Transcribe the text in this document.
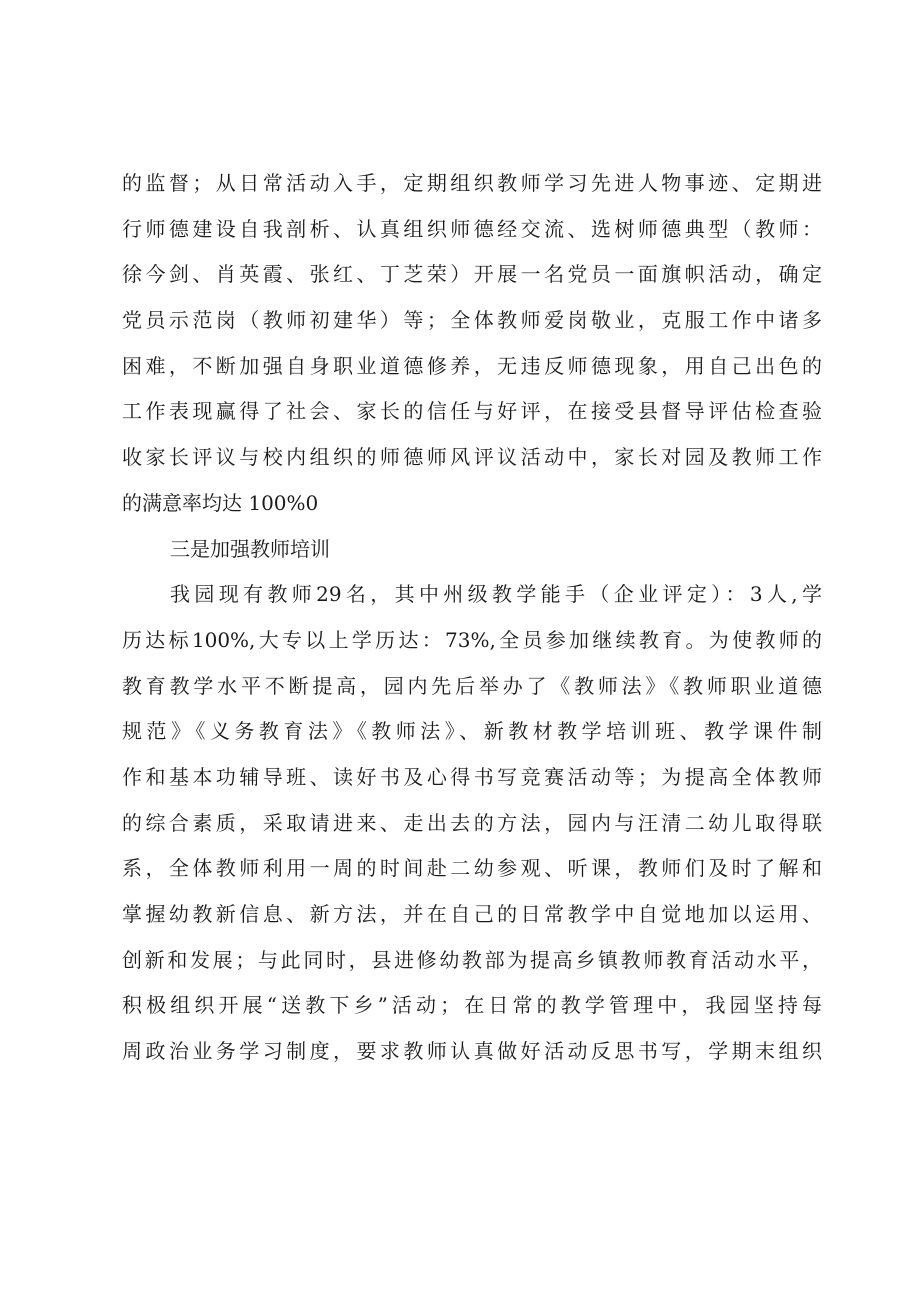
的监督；从日常活动入手，定期组织教师学习先进人物事迹、定期进
行师德建设自我剖析、认真组织师德经交流、选树师德典型（教师：
徐今剑、肖英霞、张红、丁芝荣）开展一名党员一面旗帜活动，确定
党员示范岗（教师初建华）等；全体教师爱岗敬业，克服工作中诸多
困难，不断加强自身职业道德修养，无违反师德现象，用自己出色的
工作表现赢得了社会、家长的信任与好评，在接受县督导评估检查验
收家长评议与校内组织的师德师风评议活动中，家长对园及教师工作
的满意率均达 100%0
三是加强教师培训
我园现有教师29名，其中州级教学能手（企业评定）：3人,学
历达标100%,大专以上学历达：73%,全员参加继续教育。为使教师的
教育教学水平不断提高，园内先后举办了《教师法》《教师职业道德
规范》《义务教育法》《教师法》、新教材教学培训班、教学课件制
作和基本功辅导班、读好书及心得书写竞赛活动等；为提高全体教师
的综合素质，采取请进来、走出去的方法，园内与汪清二幼儿取得联
系，全体教师利用一周的时间赴二幼参观、听课，教师们及时了解和
掌握幼教新信息、新方法，并在自己的日常教学中自觉地加以运用、
创新和发展；与此同时，县进修幼教部为提高乡镇教师教育活动水平，
积极组织开展“送教下乡”活动；在日常的教学管理中，我园坚持每
周政治业务学习制度，要求教师认真做好活动反思书写，学期末组织
